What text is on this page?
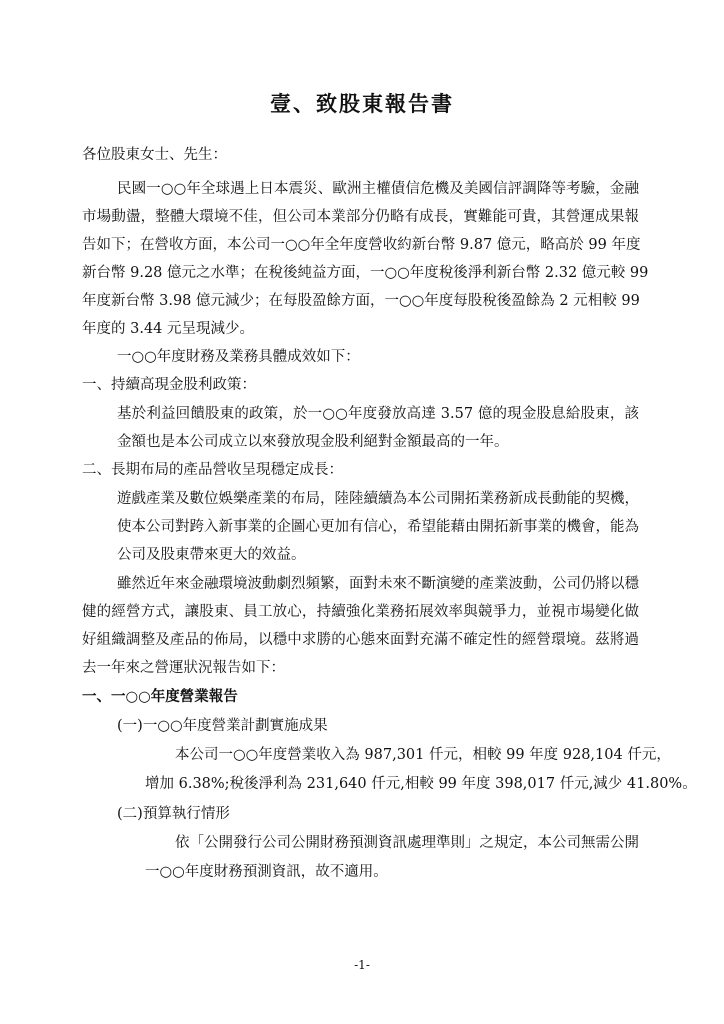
壹、致股東報告書
各位股東女士、先生：
民國一○○年全球遇上日本震災、歐洲主權債信危機及美國信評調降等考驗，金融
市場動盪，整體大環境不佳，但公司本業部分仍略有成長，實難能可貴，其營運成果報
告如下；在營收方面，本公司一○○年全年度營收約新台幣 9.87 億元，略高於 99 年度
新台幣 9.28 億元之水準；在稅後純益方面，一○○年度稅後淨利新台幣 2.32 億元較 99
年度新台幣 3.98 億元減少；在每股盈餘方面，一○○年度每股稅後盈餘為 2 元相較 99
年度的 3.44 元呈現減少。
一○○年度財務及業務具體成效如下：
一、持續高現金股利政策：
基於利益回饋股東的政策，於一○○年度發放高達 3.57 億的現金股息給股東，該
金額也是本公司成立以來發放現金股利絕對金額最高的一年。
二、長期布局的產品營收呈現穩定成長：
遊戲產業及數位娛樂產業的布局，陸陸續續為本公司開拓業務新成長動能的契機，
使本公司對跨入新事業的企圖心更加有信心，希望能藉由開拓新事業的機會，能為
公司及股東帶來更大的效益。
雖然近年來金融環境波動劇烈頻繁，面對未來不斷演變的產業波動，公司仍將以穩
健的經營方式，讓股東、員工放心，持續強化業務拓展效率與競爭力，並視市場變化做
好組織調整及產品的佈局，以穩中求勝的心態來面對充滿不確定性的經營環境。茲將過
去一年來之營運狀況報告如下：
一、一○○年度營業報告
(一)一○○年度營業計劃實施成果
本公司一○○年度營業收入為 987,301 仟元，相較 99 年度 928,104 仟元，
增加 6.38%;稅後淨利為 231,640 仟元,相較 99 年度 398,017 仟元,減少 41.80%。
(二)預算執行情形
依「公開發行公司公開財務預測資訊處理準則」之規定，本公司無需公開
一○○年度財務預測資訊，故不適用。
-1-
